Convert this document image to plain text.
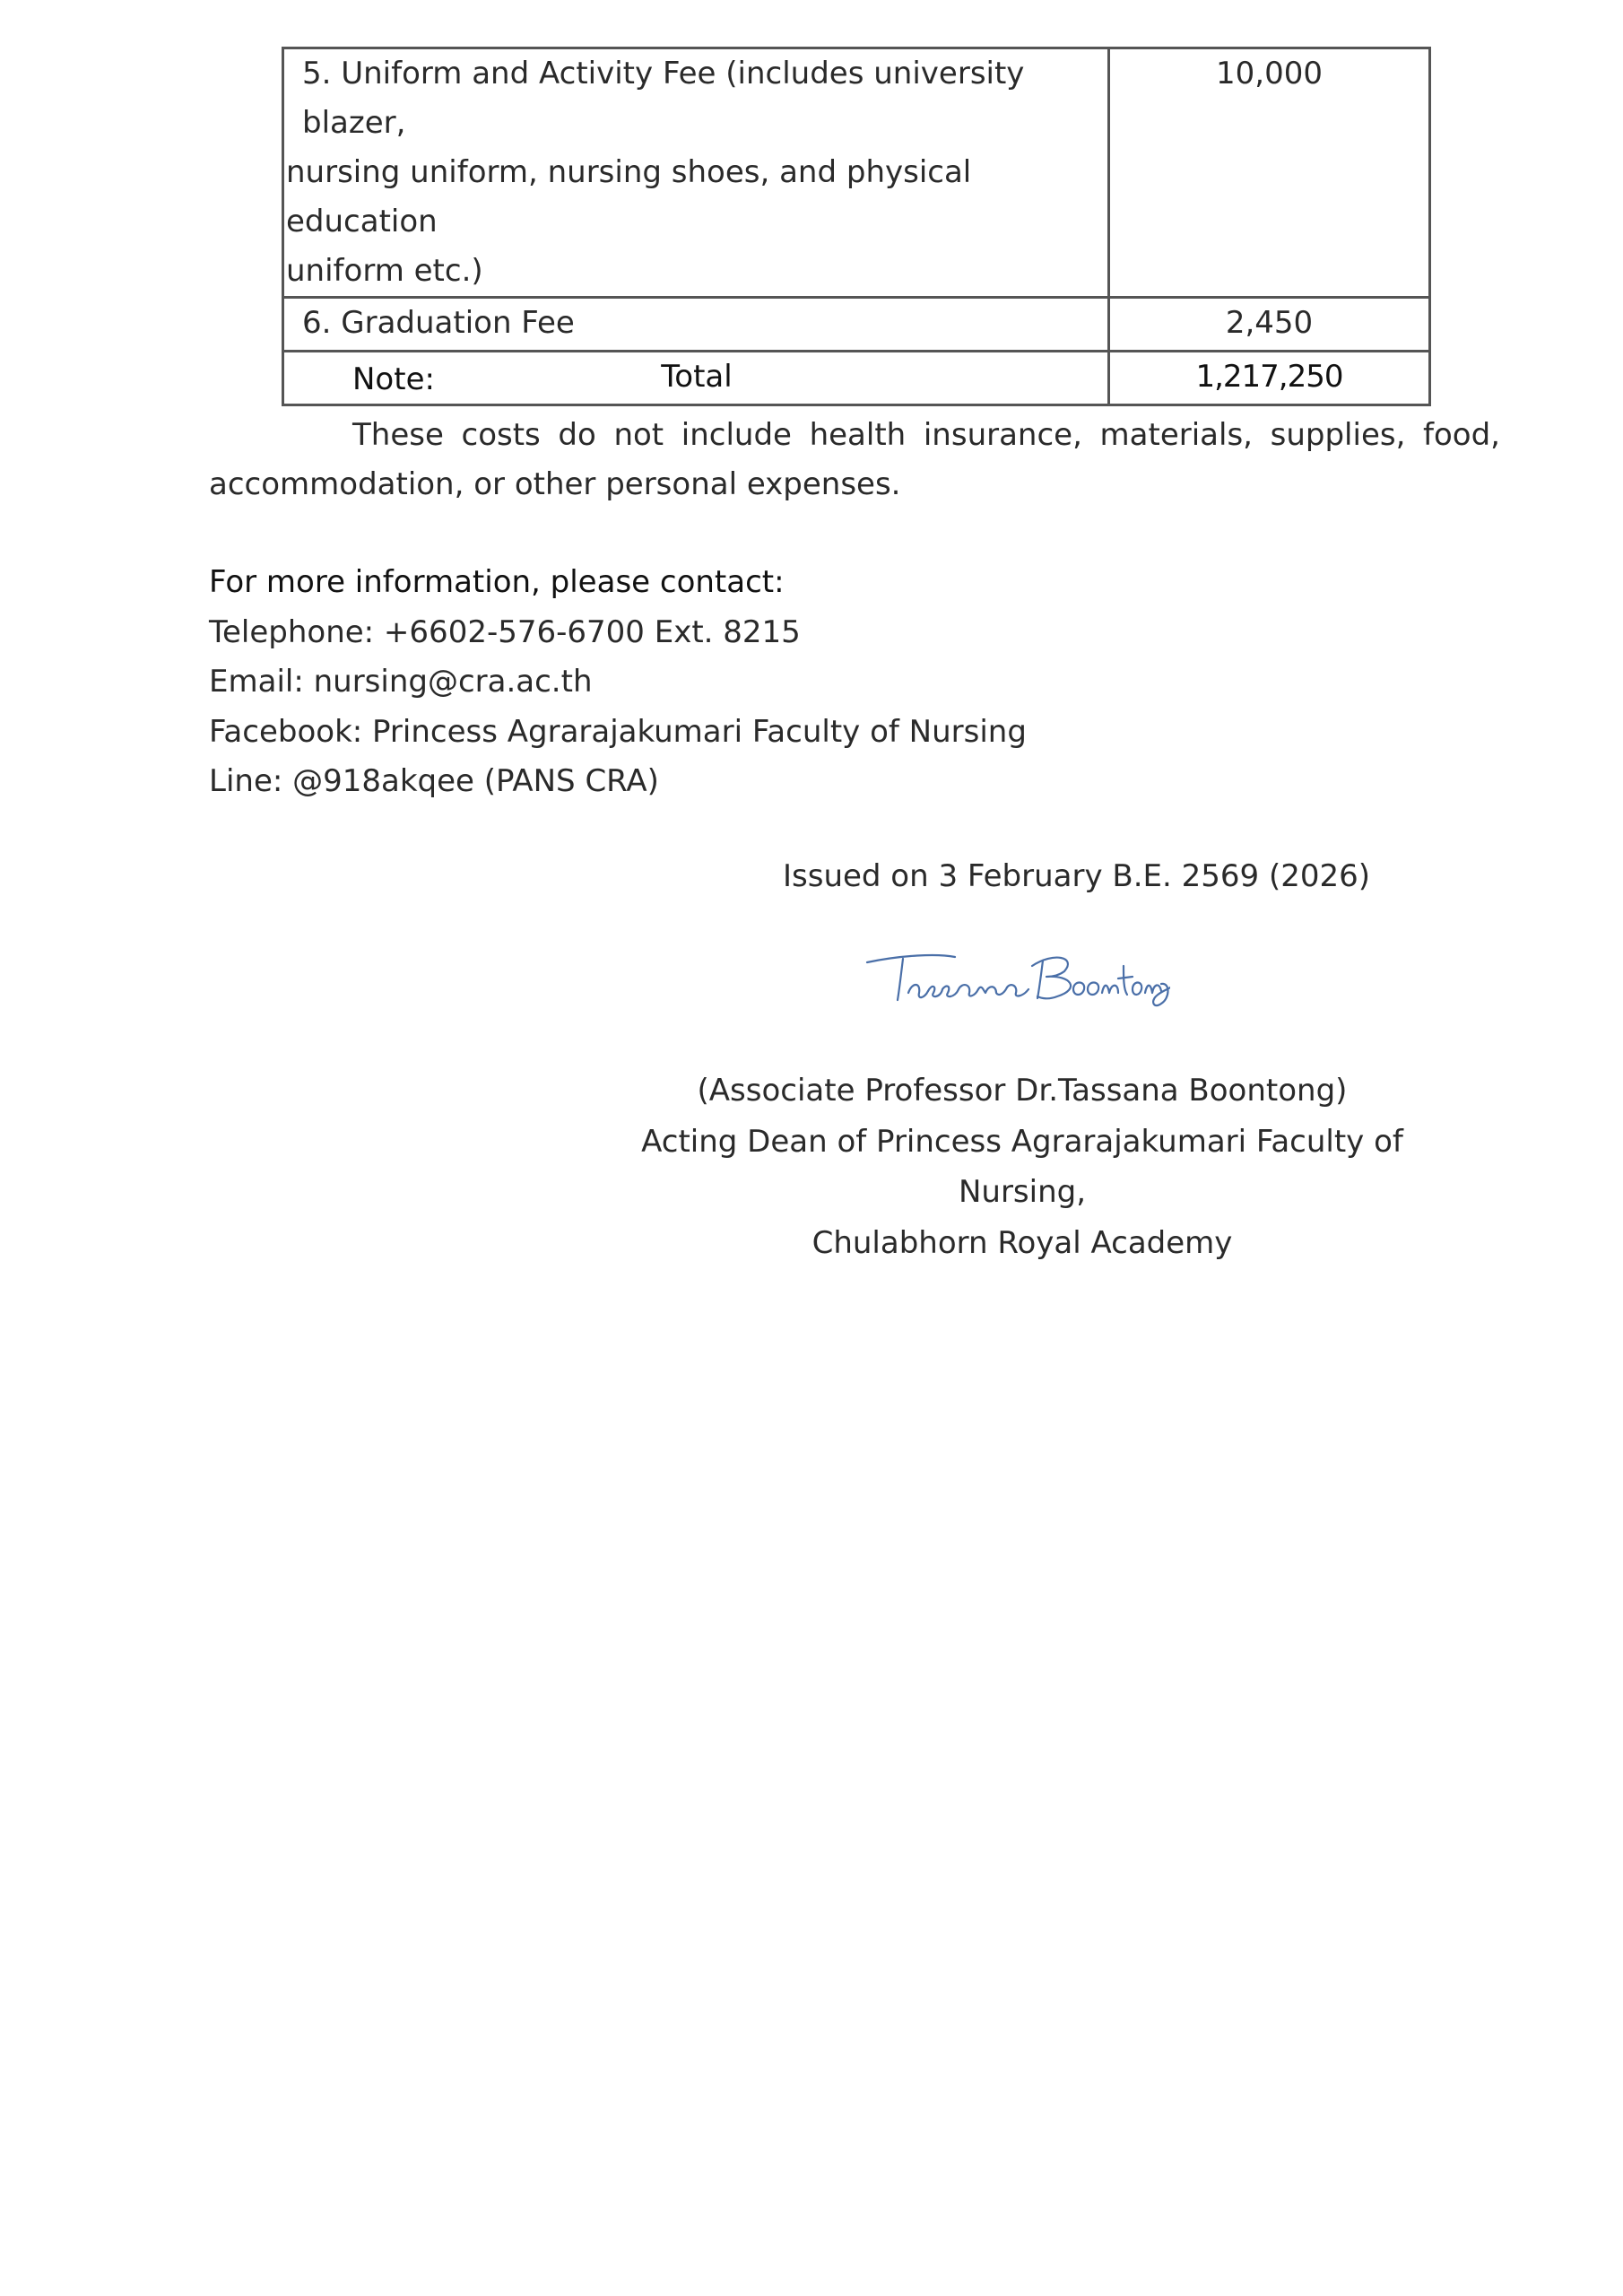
5. Uniform and Activity Fee (includes university blazer,
nursing uniform, nursing shoes, and physical education
uniform etc.)	10,000
6. Graduation Fee	2,450
Total	1,217,250
Note:
These costs do not include health insurance, materials, supplies, food, accommodation, or other personal expenses.
For more information, please contact:
Telephone: +6602-576-6700 Ext. 8215
Email: nursing@cra.ac.th
Facebook: Princess Agrarajakumari Faculty of Nursing
Line: @918akqee (PANS CRA)
Issued on 3 February B.E. 2569 (2026)
(Associate Professor Dr.Tassana Boontong)
Acting Dean of Princess Agrarajakumari Faculty of Nursing,
Chulabhorn Royal Academy
